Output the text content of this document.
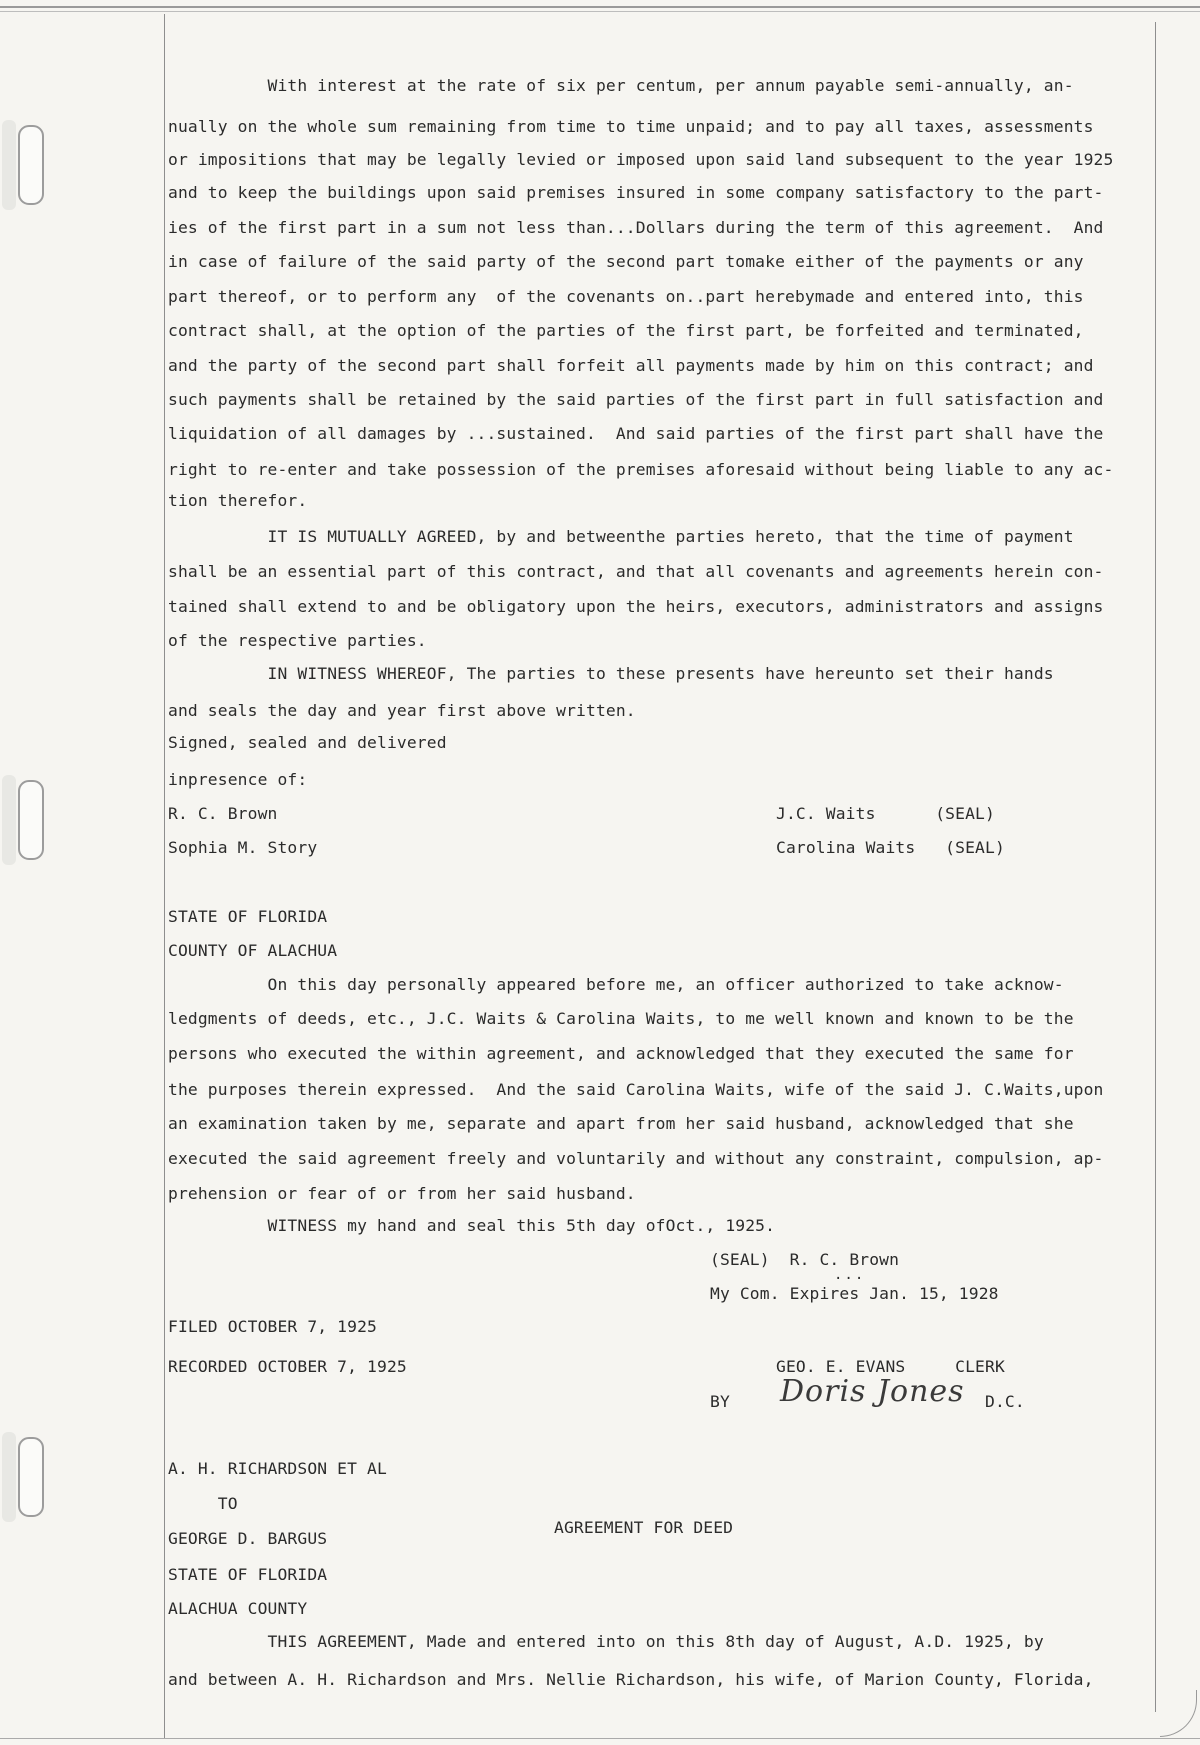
With interest at the rate of six per centum, per annum payable semi-annually, an-
nually on the whole sum remaining from time to time unpaid; and to pay all taxes, assessments
or impositions that may be legally levied or imposed upon said land subsequent to the year 1925
and to keep the buildings upon said premises insured in some company satisfactory to the part-
ies of the first part in a sum not less than...Dollars during the term of this agreement.  And
in case of failure of the said party of the second part tomake either of the payments or any
part thereof, or to perform any  of the covenants on..part herebymade and entered into, this
contract shall, at the option of the parties of the first part, be forfeited and terminated,
and the party of the second part shall forfeit all payments made by him on this contract; and
such payments shall be retained by the said parties of the first part in full satisfaction and
liquidation of all damages by ...sustained.  And said parties of the first part shall have the
right to re-enter and take possession of the premises aforesaid without being liable to any ac-
tion therefor.
IT IS MUTUALLY AGREED, by and betweenthe parties hereto, that the time of payment
shall be an essential part of this contract, and that all covenants and agreements herein con-
tained shall extend to and be obligatory upon the heirs, executors, administrators and assigns
of the respective parties.
IN WITNESS WHEREOF, The parties to these presents have hereunto set their hands
and seals the day and year first above written.
Signed, sealed and delivered
inpresence of:
R. C. Brown
Sophia M. Story
J.C. Waits      (SEAL)
Carolina Waits   (SEAL)
STATE OF FLORIDA
COUNTY OF ALACHUA
On this day personally appeared before me, an officer authorized to take acknow-
ledgments of deeds, etc., J.C. Waits & Carolina Waits, to me well known and known to be the
persons who executed the within agreement, and acknowledged that they executed the same for
the purposes therein expressed.  And the said Carolina Waits, wife of the said J. C.Waits,upon
an examination taken by me, separate and apart from her said husband, acknowledged that she
executed the said agreement freely and voluntarily and without any constraint, compulsion, ap-
prehension or fear of or from her said husband.
WITNESS my hand and seal this 5th day ofOct., 1925.
(SEAL)  R. C. Brown
...
My Com. Expires Jan. 15, 1928
FILED OCTOBER 7, 1925
RECORDED OCTOBER 7, 1925	GEO. E. EVANS     CLERK
BY Doris Jones D.C.
A. H. RICHARDSON ET AL
TO
GEORGE D. BARGUS
AGREEMENT FOR DEED
STATE OF FLORIDA
ALACHUA COUNTY
THIS AGREEMENT, Made and entered into on this 8th day of August, A.D. 1925, by
and between A. H. Richardson and Mrs. Nellie Richardson, his wife, of Marion County, Florida,
